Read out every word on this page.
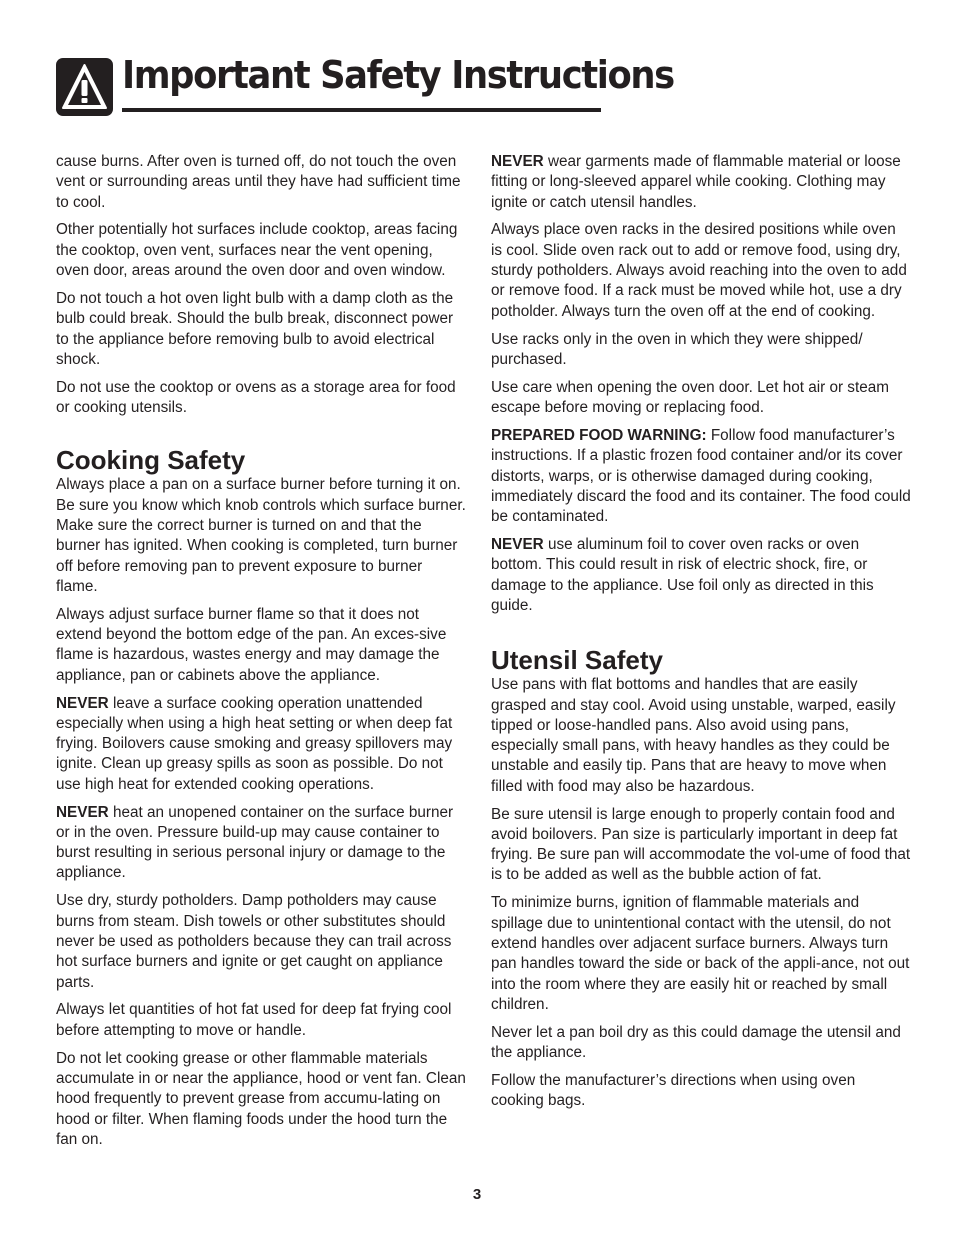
Important Safety Instructions

cause burns. After oven is turned off, do not touch the oven vent or surrounding areas until they have had sufficient time to cool.

Other potentially hot surfaces include cooktop, areas facing the cooktop, oven vent, surfaces near the vent opening, oven door, areas around the oven door and oven window.

Do not touch a hot oven light bulb with a damp cloth as the bulb could break. Should the bulb break, disconnect power to the appliance before removing bulb to avoid electrical shock.

Do not use the cooktop or ovens as a storage area for food or cooking utensils.

Cooking Safety

Always place a pan on a surface burner before turning it on. Be sure you know which knob controls which surface burner. Make sure the correct burner is turned on and that the burner has ignited. When cooking is completed, turn burner off before removing pan to prevent exposure to burner flame.

Always adjust surface burner flame so that it does not extend beyond the bottom edge of the pan. An exces-sive flame is hazardous, wastes energy and may damage the appliance, pan or cabinets above the appliance.

NEVER leave a surface cooking operation unattended especially when using a high heat setting or when deep fat frying. Boilovers cause smoking and greasy spillovers may ignite. Clean up greasy spills as soon as possible. Do not use high heat for extended cooking operations.

NEVER heat an unopened container on the surface burner or in the oven. Pressure build-up may cause container to burst resulting in serious personal injury or damage to the appliance.

Use dry, sturdy potholders. Damp potholders may cause burns from steam. Dish towels or other substitutes should never be used as potholders because they can trail across hot surface burners and ignite or get caught on appliance parts.

Always let quantities of hot fat used for deep fat frying cool before attempting to move or handle.

Do not let cooking grease or other flammable materials accumulate in or near the appliance, hood or vent fan. Clean hood frequently to prevent grease from accumu-lating on hood or filter. When flaming foods under the hood turn the fan on.

NEVER wear garments made of flammable material or loose fitting or long-sleeved apparel while cooking. Clothing may ignite or catch utensil handles.

Always place oven racks in the desired positions while oven is cool. Slide oven rack out to add or remove food, using dry, sturdy potholders. Always avoid reaching into the oven to add or remove food. If a rack must be moved while hot, use a dry potholder. Always turn the oven off at the end of cooking.

Use racks only in the oven in which they were shipped/ purchased.

Use care when opening the oven door. Let hot air or steam escape before moving or replacing food.

PREPARED FOOD WARNING: Follow food manufacturer’s instructions. If a plastic frozen food container and/or its cover distorts, warps, or is otherwise damaged during cooking, immediately discard the food and its container. The food could be contaminated.

NEVER use aluminum foil to cover oven racks or oven bottom. This could result in risk of electric shock, fire, or damage to the appliance. Use foil only as directed in this guide.

Utensil Safety

Use pans with flat bottoms and handles that are easily grasped and stay cool. Avoid using unstable, warped, easily tipped or loose-handled pans. Also avoid using pans, especially small pans, with heavy handles as they could be unstable and easily tip. Pans that are heavy to move when filled with food may also be hazardous.

Be sure utensil is large enough to properly contain food and avoid boilovers. Pan size is particularly important in deep fat frying. Be sure pan will accommodate the vol-ume of food that is to be added as well as the bubble action of fat.

To minimize burns, ignition of flammable materials and spillage due to unintentional contact with the utensil, do not extend handles over adjacent surface burners. Always turn pan handles toward the side or back of the appli-ance, not out into the room where they are easily hit or reached by small children.

Never let a pan boil dry as this could damage the utensil and the appliance.

Follow the manufacturer’s directions when using oven cooking bags.

3
